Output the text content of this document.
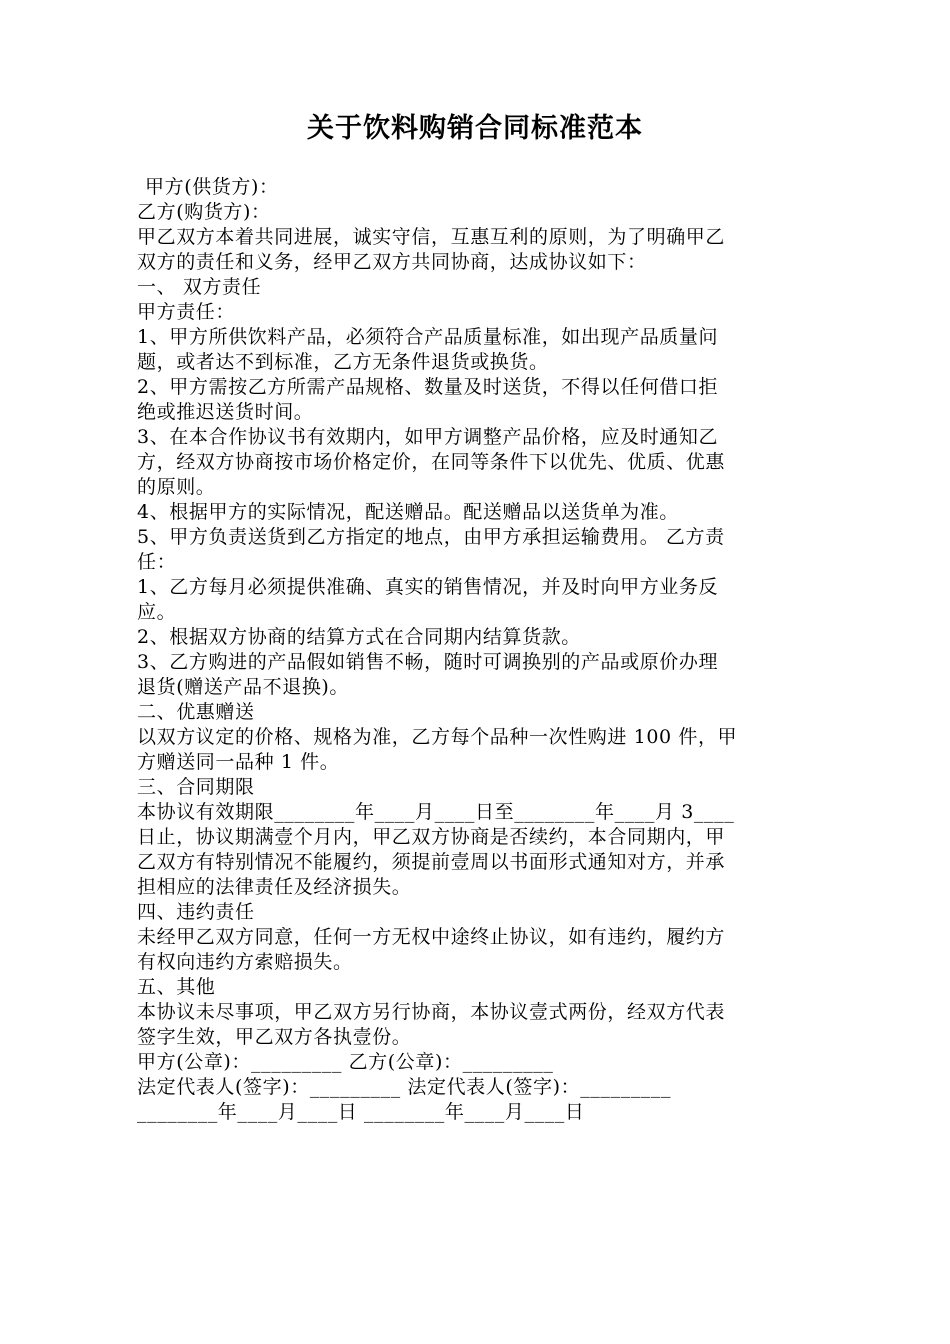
关于饮料购销合同标准范本
甲方(供货方)：
乙方(购货方)：
甲乙双方本着共同进展，诚实守信，互惠互利的原则，为了明确甲乙
双方的责任和义务，经甲乙双方共同协商，达成协议如下：
一、 双方责任
甲方责任：
1、甲方所供饮料产品，必须符合产品质量标准，如出现产品质量问
题，或者达不到标准，乙方无条件退货或换货。
2、甲方需按乙方所需产品规格、数量及时送货，不得以任何借口拒
绝或推迟送货时间。
3、在本合作协议书有效期内，如甲方调整产品价格，应及时通知乙
方，经双方协商按市场价格定价，在同等条件下以优先、优质、优惠
的原则。
4、根据甲方的实际情况，配送赠品。配送赠品以送货单为准。
5、甲方负责送货到乙方指定的地点，由甲方承担运输费用。 乙方责
任：
1、乙方每月必须提供准确、真实的销售情况，并及时向甲方业务反
应。
2、根据双方协商的结算方式在合同期内结算货款。
3、乙方购进的产品假如销售不畅，随时可调换别的产品或原价办理
退货(赠送产品不退换)。
二、优惠赠送
以双方议定的价格、规格为准，乙方每个品种一次性购进 100 件，甲
方赠送同一品种 1 件。
三、合同期限
本协议有效期限________年____月____日至________年____月 3____
日止，协议期满壹个月内，甲乙双方协商是否续约，本合同期内，甲
乙双方有特别情况不能履约，须提前壹周以书面形式通知对方，并承
担相应的法律责任及经济损失。
四、违约责任
未经甲乙双方同意，任何一方无权中途终止协议，如有违约，履约方
有权向违约方索赔损失。
五、其他
本协议未尽事项，甲乙双方另行协商，本协议壹式两份，经双方代表
签字生效，甲乙双方各执壹份。
甲方(公章)：_________ 乙方(公章)：_________
法定代表人(签字)：_________ 法定代表人(签字)：_________
________年____月____日 ________年____月____日
